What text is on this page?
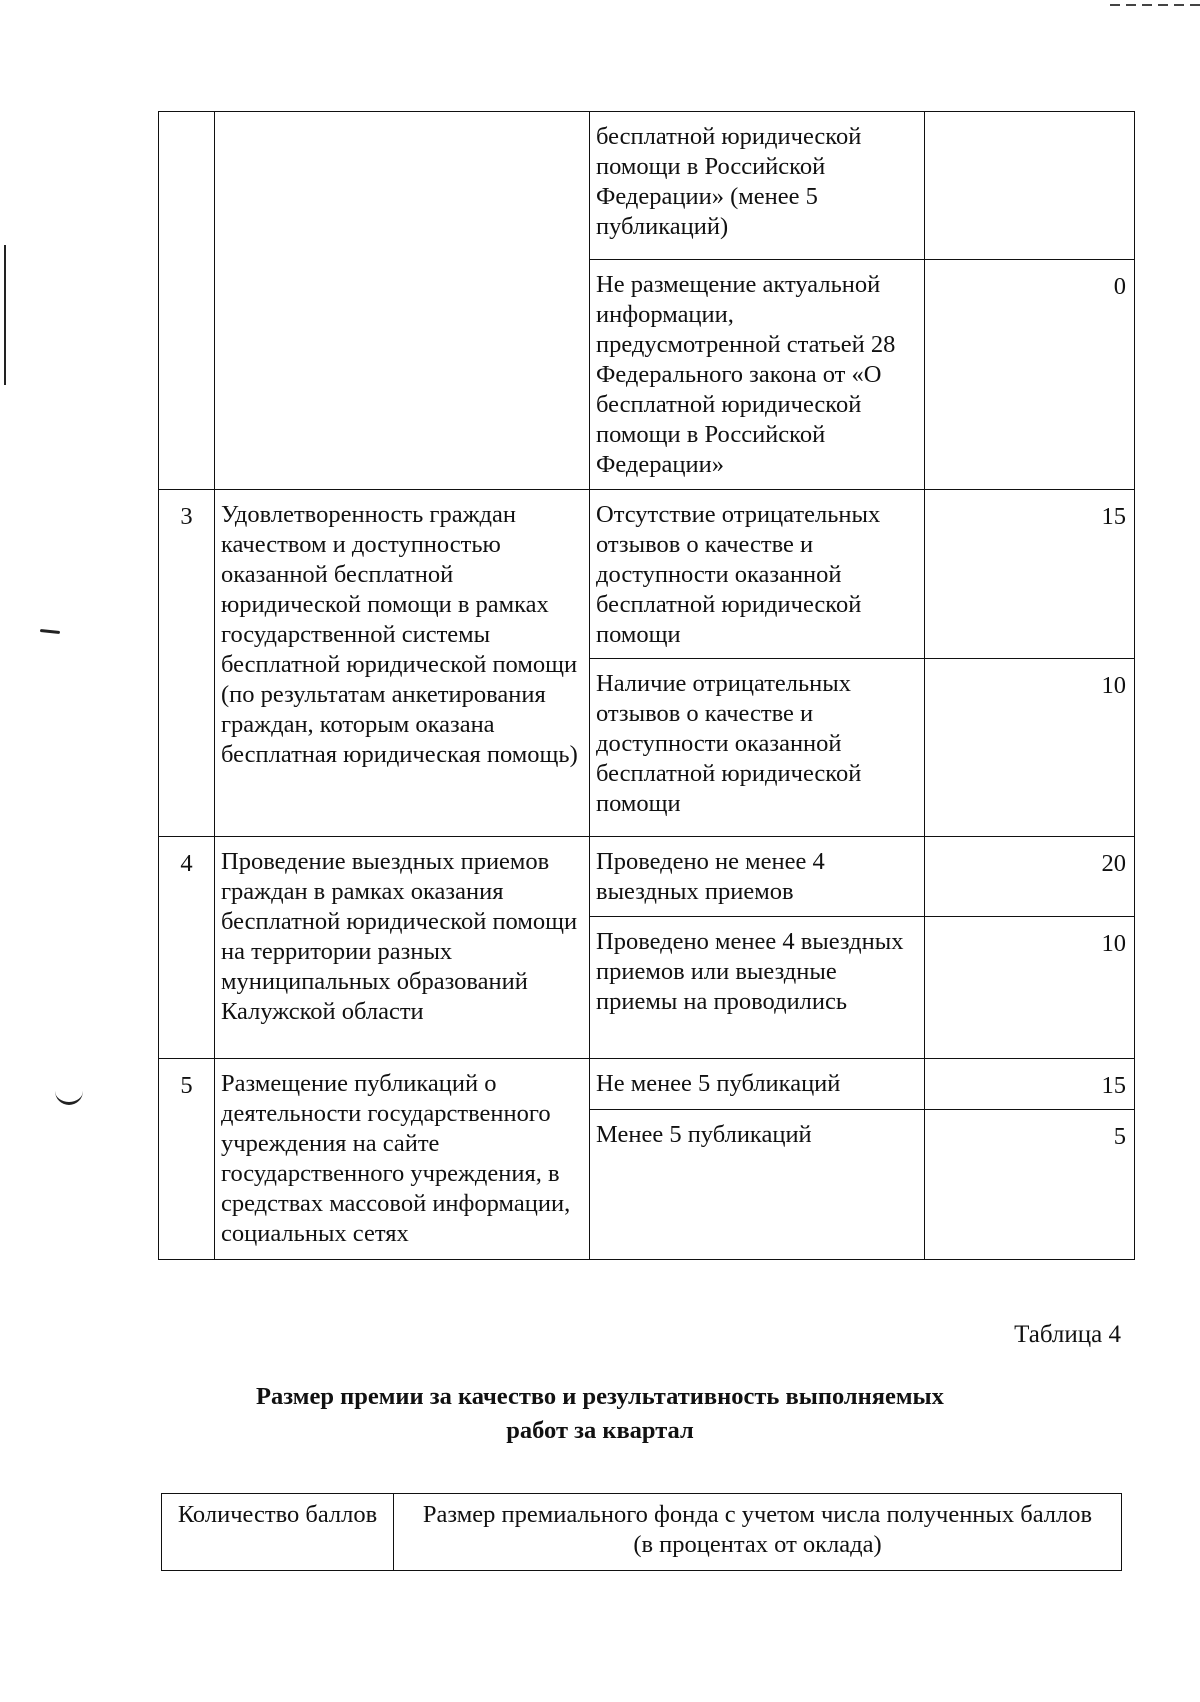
		бесплатной юридической помощи в Российской Федерации» (менее 5 публикаций)	
		Не размещение актуальной информации, предусмотренной статьей 28 Федерального закона от «О бесплатной юридической помощи в Российской Федерации»	0
3	Удовлетворенность граждан качеством и доступностью оказанной бесплатной юридической помощи в рамках государственной системы бесплатной юридической помощи (по результатам анкетирования граждан, которым оказана бесплатная юридическая помощь)	Отсутствие отрицательных отзывов о качестве и доступности оказанной бесплатной юридической помощи	15
		Наличие отрицательных отзывов о качестве и доступности оказанной бесплатной юридической помощи	10
4	Проведение выездных приемов граждан в рамках оказания бесплатной юридической помощи на территории разных муниципальных образований Калужской области	Проведено не менее 4 выездных приемов	20
		Проведено менее 4 выездных приемов или выездные приемы на проводились	10
5	Размещение публикаций о деятельности государственного учреждения на сайте государственного учреждения, в средствах массовой информации, социальных сетях	Не менее 5 публикаций	15
		Менее 5 публикаций	5
Таблица 4
Размер премии за качество и результативность выполняемых
работ за квартал
Количество баллов	Размер премиального фонда с учетом числа полученных баллов
(в процентах от оклада)
